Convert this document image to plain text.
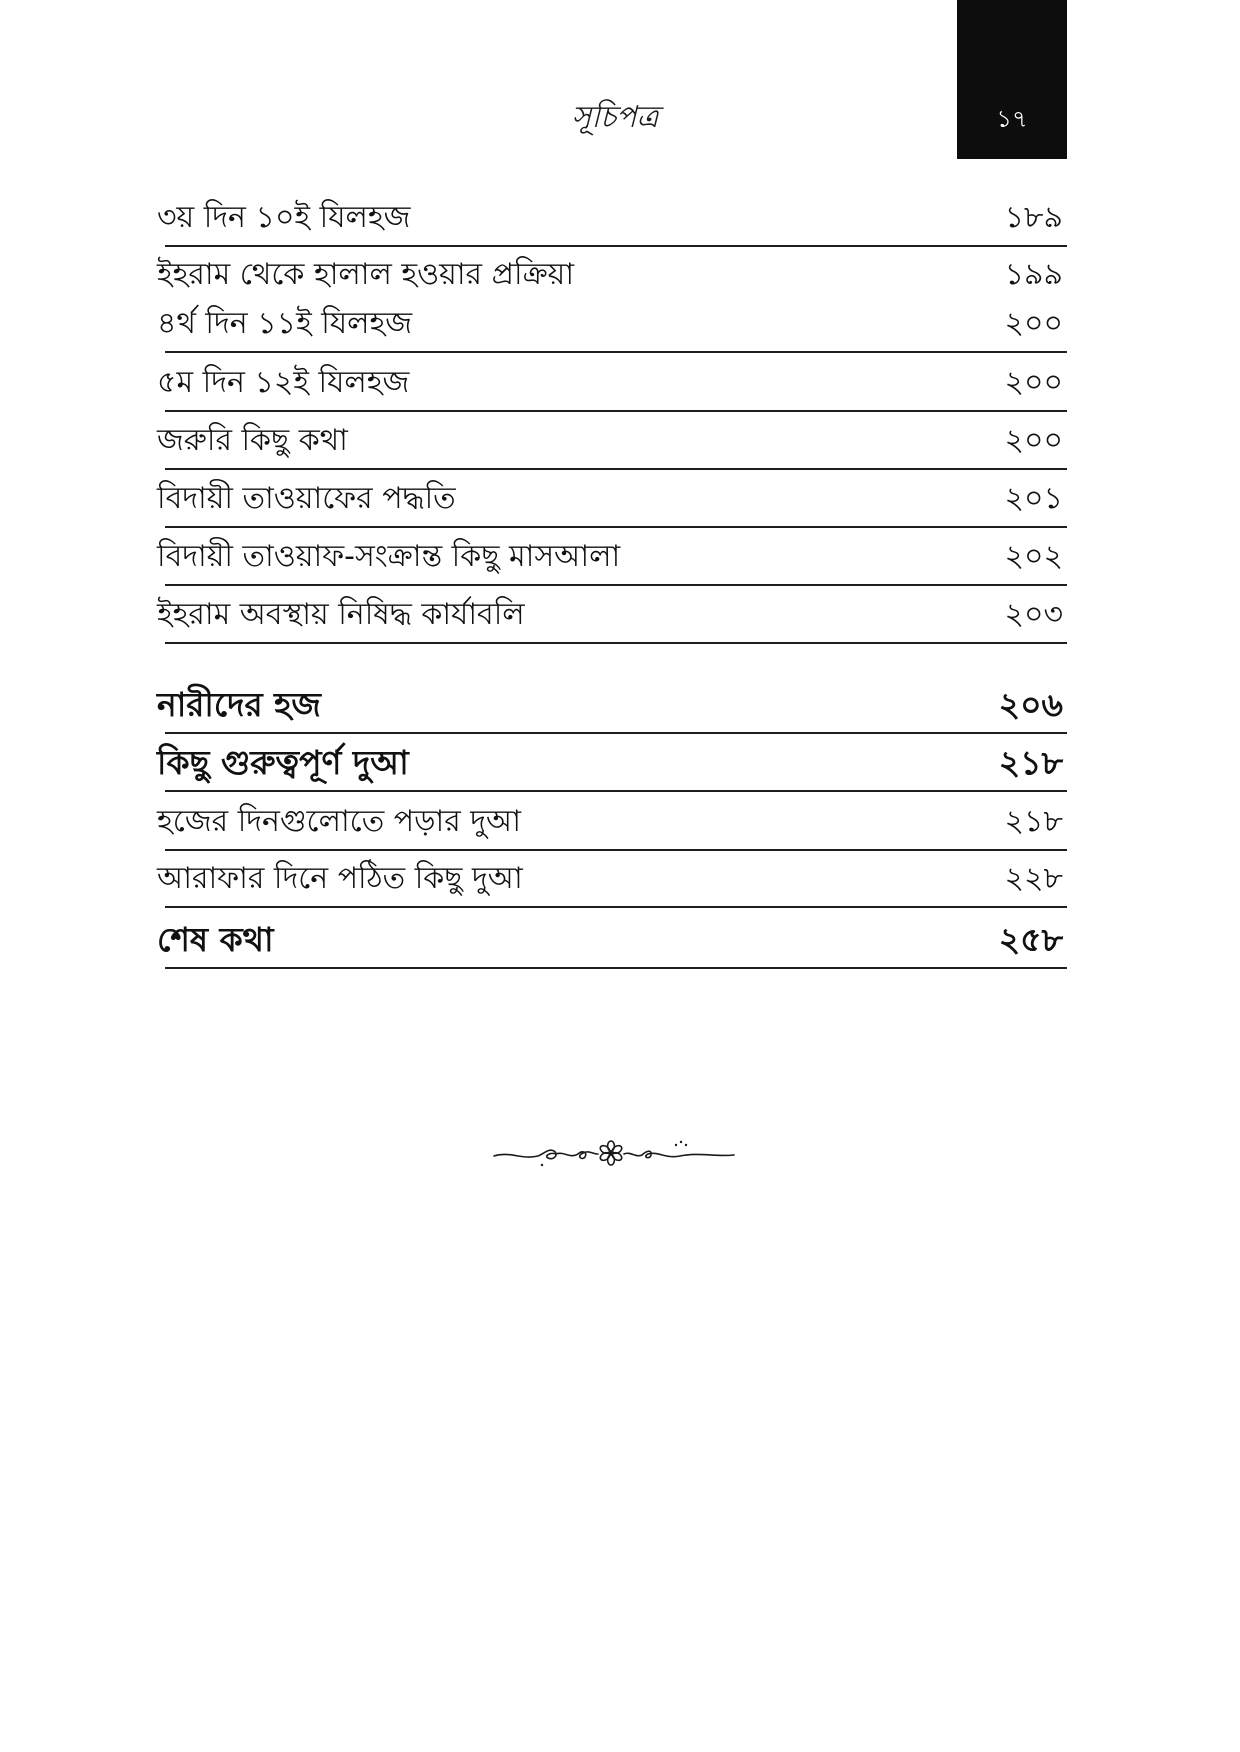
১৭
সূচিপত্র
৩য় দিন ১০ই যিলহজ	১৮৯
ইহরাম থেকে হালাল হওয়ার প্রক্রিয়া	১৯৯
৪র্থ দিন ১১ই যিলহজ	২০০
৫ম দিন ১২ই যিলহজ	২০০
জরুরি কিছু কথা	২০০
বিদায়ী তাওয়াফের পদ্ধতি	২০১
বিদায়ী তাওয়াফ-সংক্রান্ত কিছু মাসআলা	২০২
ইহরাম অবস্থায় নিষিদ্ধ কার্যাবলি	২০৩
নারীদের হজ	২০৬
কিছু গুরুত্বপূর্ণ দুআ	২১৮
হজের দিনগুলোতে পড়ার দুআ	২১৮
আরাফার দিনে পঠিত কিছু দুআ	২২৮
শেষ কথা	২৫৮
